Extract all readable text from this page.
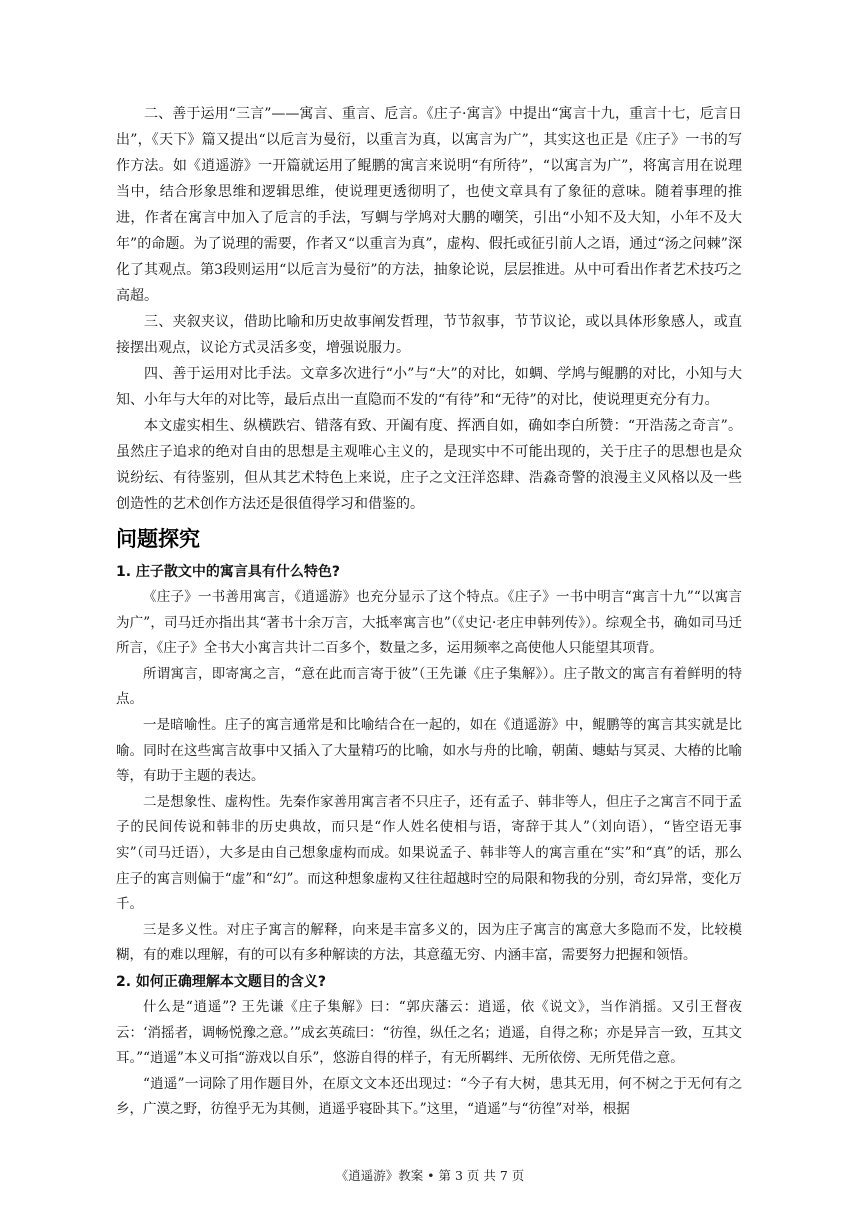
二、善于运用“三言”——寓言、重言、卮言。《庄子·寓言》中提出“寓言十九，重言十七，卮言日出”，《天下》篇又提出“以卮言为曼衍，以重言为真，以寓言为广”，其实这也正是《庄子》一书的写作方法。如《逍遥游》一开篇就运用了鲲鹏的寓言来说明“有所待”，“以寓言为广”，将寓言用在说理当中，结合形象思维和逻辑思维，使说理更透彻明了，也使文章具有了象征的意味。随着事理的推进，作者在寓言中加入了卮言的手法，写蜩与学鸠对大鹏的嘲笑，引出“小知不及大知，小年不及大年”的命题。为了说理的需要，作者又“以重言为真”，虚构、假托或征引前人之语，通过“汤之问棘”深化了其观点。第3段则运用“以卮言为曼衍”的方法，抽象论说，层层推进。从中可看出作者艺术技巧之高超。

三、夹叙夹议，借助比喻和历史故事阐发哲理，节节叙事，节节议论，或以具体形象感人，或直接摆出观点，议论方式灵活多变，增强说服力。

四、善于运用对比手法。文章多次进行“小”与“大”的对比，如蜩、学鸠与鲲鹏的对比，小知与大知、小年与大年的对比等，最后点出一直隐而不发的“有待”和“无待”的对比，使说理更充分有力。

本文虚实相生、纵横跌宕、错落有致、开阖有度、挥洒自如，确如李白所赞：“开浩荡之奇言”。虽然庄子追求的绝对自由的思想是主观唯心主义的，是现实中不可能出现的，关于庄子的思想也是众说纷纭、有待鉴别，但从其艺术特色上来说，庄子之文汪洋恣肆、浩淼奇警的浪漫主义风格以及一些创造性的艺术创作方法还是很值得学习和借鉴的。

问题探究
1. 庄子散文中的寓言具有什么特色?

《庄子》一书善用寓言，《逍遥游》也充分显示了这个特点。《庄子》一书中明言“寓言十九”“以寓言为广”，司马迁亦指出其“著书十余万言，大抵率寓言也”（《史记·老庄申韩列传》）。综观全书，确如司马迁所言，《庄子》全书大小寓言共计二百多个，数量之多，运用频率之高使他人只能望其项背。

所谓寓言，即寄寓之言，“意在此而言寄于彼”（王先谦《庄子集解》）。庄子散文的寓言有着鲜明的特点。

一是暗喻性。庄子的寓言通常是和比喻结合在一起的，如在《逍遥游》中，鲲鹏等的寓言其实就是比喻。同时在这些寓言故事中又插入了大量精巧的比喻，如水与舟的比喻，朝菌、蟪蛄与冥灵、大椿的比喻等，有助于主题的表达。

二是想象性、虚构性。先秦作家善用寓言者不只庄子，还有孟子、韩非等人，但庄子之寓言不同于孟子的民间传说和韩非的历史典故，而只是“作人姓名使相与语，寄辞于其人”（刘向语），“皆空语无事实”（司马迁语），大多是由自己想象虚构而成。如果说孟子、韩非等人的寓言重在“实”和“真”的话，那么庄子的寓言则偏于“虚”和“幻”。而这种想象虚构又往往超越时空的局限和物我的分别，奇幻异常，变化万千。

三是多义性。对庄子寓言的解释，向来是丰富多义的，因为庄子寓言的寓意大多隐而不发，比较模糊，有的难以理解，有的可以有多种解读的方法，其意蕴无穷、内涵丰富，需要努力把握和领悟。

2. 如何正确理解本文题目的含义?

什么是“逍遥”? 王先谦《庄子集解》曰：“郭庆藩云：逍遥，依《说文》，当作消摇。又引王督夜云：‘消摇者，调畅悦豫之意。’”成玄英疏曰：“彷徨，纵任之名；逍遥，自得之称；亦是异言一致，互其文耳。”“逍遥”本义可指“游戏以自乐”，悠游自得的样子，有无所羁绊、无所依傍、无所凭借之意。

“逍遥”一词除了用作题目外，在原文文本还出现过：“今子有大树，患其无用，何不树之于无何有之乡，广漠之野，彷徨乎无为其侧，逍遥乎寝卧其下。”这里，“逍遥”与“彷徨”对举，根据

《逍遥游》教案 • 第 3 页 共 7 页
